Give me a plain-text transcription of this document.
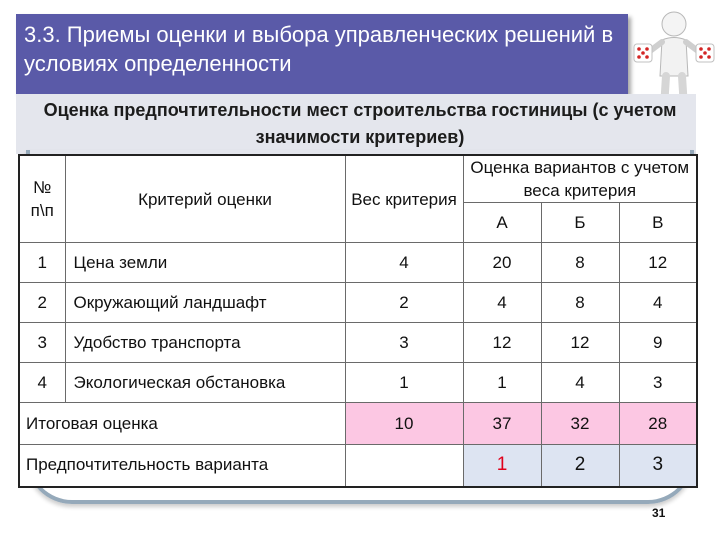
3.3. Приемы оценки и выбора управленческих решений в условиях определенности
Оценка предпочтительности мест строительства гостиницы (с учетом значимости критериев)
№ п\п	Критерий оценки	Вес критерия	Оценка вариантов с учетом веса критерия		
			А	Б	В
1	Цена земли	4	20	8	12
2	Окружающий ландшафт	2	4	8	4
3	Удобство транспорта	3	12	12	9
4	Экологическая обстановка	1	1	4	3
Итоговая оценка		10	37	32	28
Предпочтительность варианта			1	2	3
31
